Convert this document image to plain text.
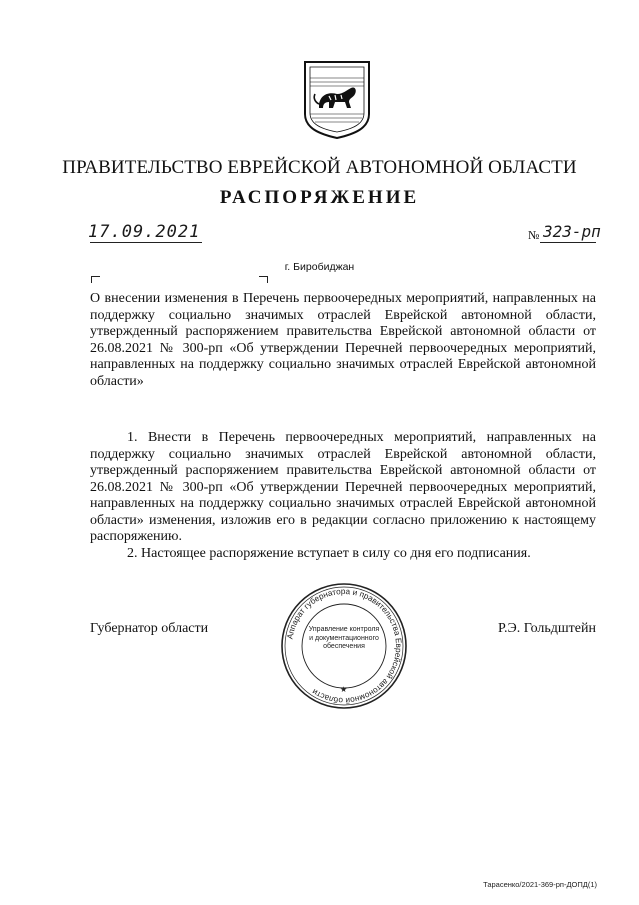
ПРАВИТЕЛЬСТВО ЕВРЕЙСКОЙ АВТОНОМНОЙ ОБЛАСТИ
РАСПОРЯЖЕНИЕ
17.09.2021	№ 323-рп
г. Биробиджан
О внесении изменения в Перечень первоочередных мероприятий, направленных на поддержку социально значимых отраслей Еврейской автономной области, утвержденный распоряжением правительства Еврейской автономной области от 26.08.2021 № 300-рп «Об утверждении Перечней первоочередных мероприятий, направленных на поддержку социально значимых отраслей Еврейской автономной области»

1. Внести в Перечень первоочередных мероприятий, направленных на поддержку социально значимых отраслей Еврейской автономной области, утвержденный распоряжением правительства Еврейской автономной области от 26.08.2021 № 300-рп «Об утверждении Перечней первоочередных мероприятий, направленных на поддержку социально значимых отраслей Еврейской автономной области» изменения, изложив его в редакции согласно приложению к настоящему распоряжению.

2. Настоящее распоряжение вступает в силу со дня его подписания.

Аппарат губернатора и правительства Еврейской автономной области
Управление контроля и документационного обеспечения
★
Губернатор области	Р.Э. Гольдштейн
Тарасенко/2021-369-рп-ДОПД(1)
